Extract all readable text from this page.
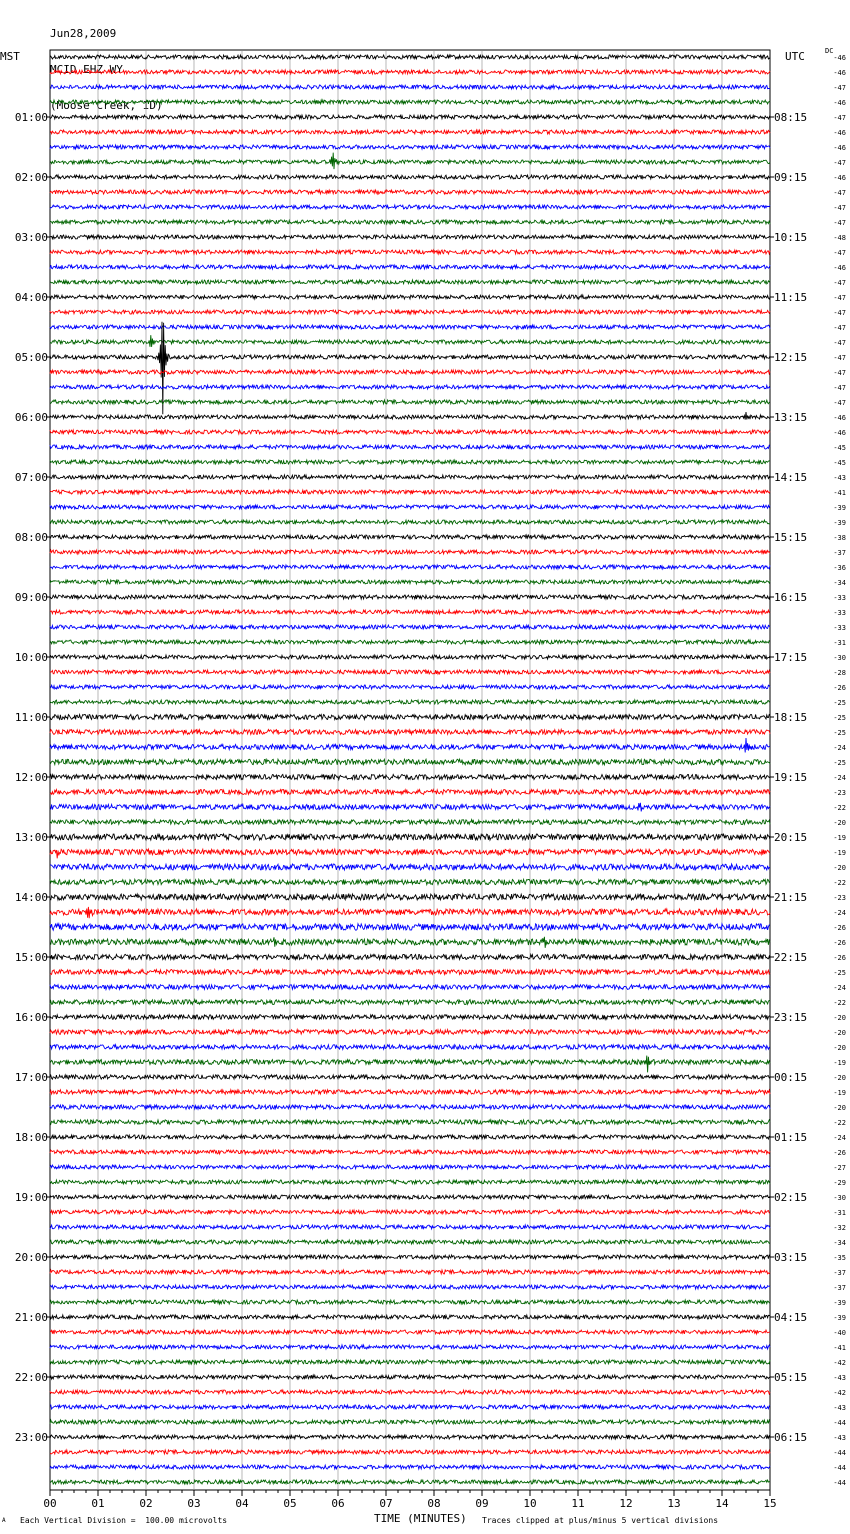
Jun28,2009

MCID EHZ WY

(Moose Creek, ID)

MST	UTC	DC
00	01	02	03	04	05	06	07	08	09	10	11	12	13	14	15
-46
-46
-47
-46
-47
-46
-46
-47
-46
-47
-47
-47
-48
-47
-46
-47
-47
-47
-47
-47
-47
-47
-47
-47
-46
-46
-45
-45
-43
-41
-39
-39
-38
-37
-36
-34
-33
-33
-33
-31
-30
-28
-26
-25
-25
-25
-24
-25
-24
-23
-22
-20
-19
-19
-20
-22
-23
-24
-26
-26
-26
-25
-24
-22
-20
-20
-20
-19
-20
-19
-20
-22
-24
-26
-27
-29
-30
-31
-32
-34
-35
-37
-37
-39
-39
-40
-41
-42
-43
-42
-43
-44
-43
-44
-44
-44
01:00
02:00
03:00
04:00
05:00
06:00
07:00
08:00
09:00
10:00
11:00
12:00
13:00
14:00
15:00
16:00
17:00
18:00
19:00
20:00
21:00
22:00
23:00
08:15
09:15
10:15
11:15
12:15
13:15
14:15
15:15
16:15
17:15
18:15
19:15
20:15
21:15
22:15
23:15
00:15
01:15
02:15
03:15
04:15
05:15
06:15
TIME (MINUTES)
A Each Vertical Division =  100.00 microvolts	Traces clipped at plus/minus 5 vertical divisions
